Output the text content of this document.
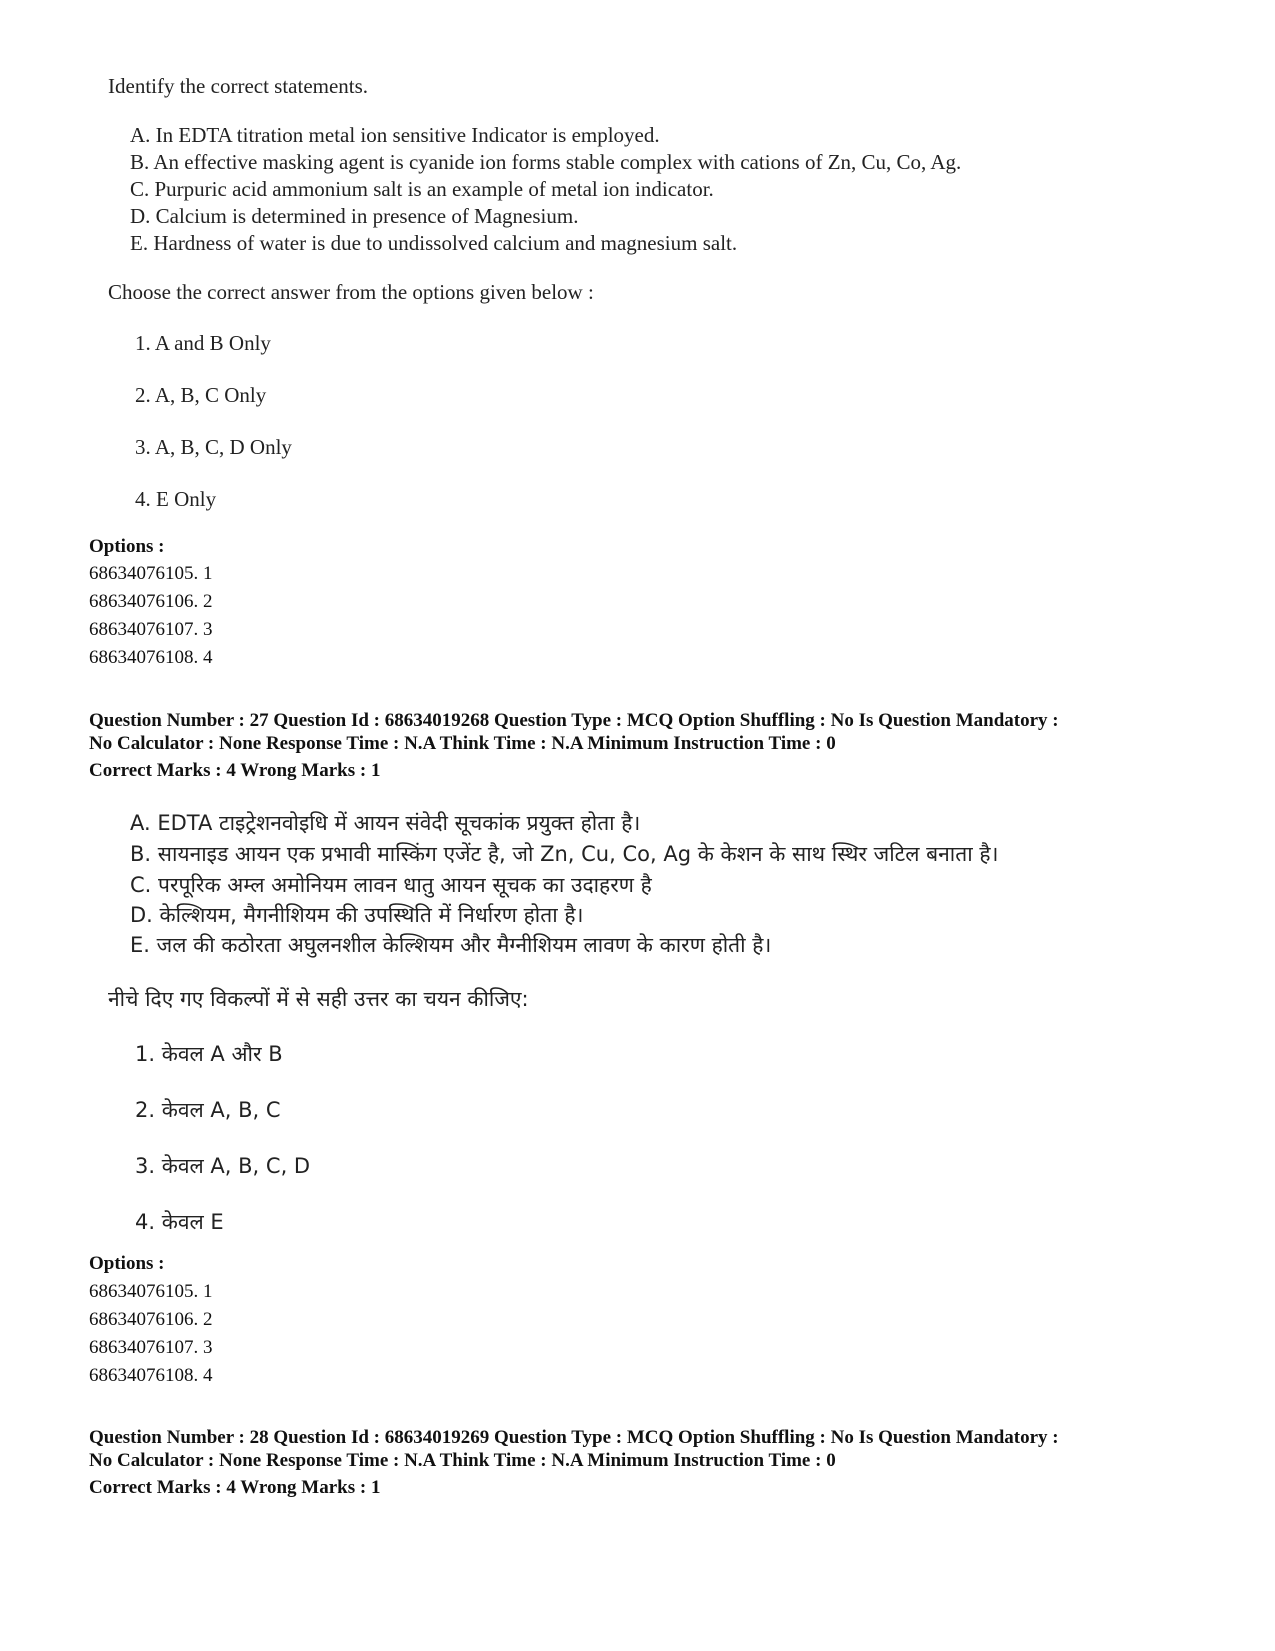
Identify the correct statements.
A. In EDTA titration metal ion sensitive Indicator is employed.
B. An effective masking agent is cyanide ion forms stable complex with cations of Zn, Cu, Co, Ag.
C. Purpuric acid ammonium salt is an example of metal ion indicator.
D. Calcium is determined in presence of Magnesium.
E. Hardness of water is due to undissolved calcium and magnesium salt.
Choose the correct answer from the options given below :
1. A and B Only
2. A, B, C Only
3. A, B, C, D Only
4. E Only
Options :
68634076105. 1
68634076106. 2
68634076107. 3
68634076108. 4
Question Number : 27 Question Id : 68634019268 Question Type : MCQ Option Shuffling : No Is Question Mandatory :
No Calculator : None Response Time : N.A Think Time : N.A Minimum Instruction Time : 0
Correct Marks : 4 Wrong Marks : 1
A. EDTA टाइट्रेशनवोइधि में आयन संवेदी सूचकांक प्रयुक्त होता है।
B. सायनाइड आयन एक प्रभावी मास्किंग एजेंट है, जो Zn, Cu, Co, Ag के केशन के साथ स्थिर जटिल बनाता है।
C. परपूरिक अम्ल अमोनियम लावन धातु आयन सूचक का उदाहरण है
D. केल्शियम, मैगनीशियम की उपस्थिति में निर्धारण होता है।
E. जल की कठोरता अघुलनशील केल्शियम और मैग्नीशियम लावण के कारण होती है।
नीचे दिए गए विकल्पों में से सही उत्तर का चयन कीजिए:
1. केवल A और B
2. केवल A, B, C
3. केवल A, B, C, D
4. केवल E
Options :
68634076105. 1
68634076106. 2
68634076107. 3
68634076108. 4
Question Number : 28 Question Id : 68634019269 Question Type : MCQ Option Shuffling : No Is Question Mandatory :
No Calculator : None Response Time : N.A Think Time : N.A Minimum Instruction Time : 0
Correct Marks : 4 Wrong Marks : 1
